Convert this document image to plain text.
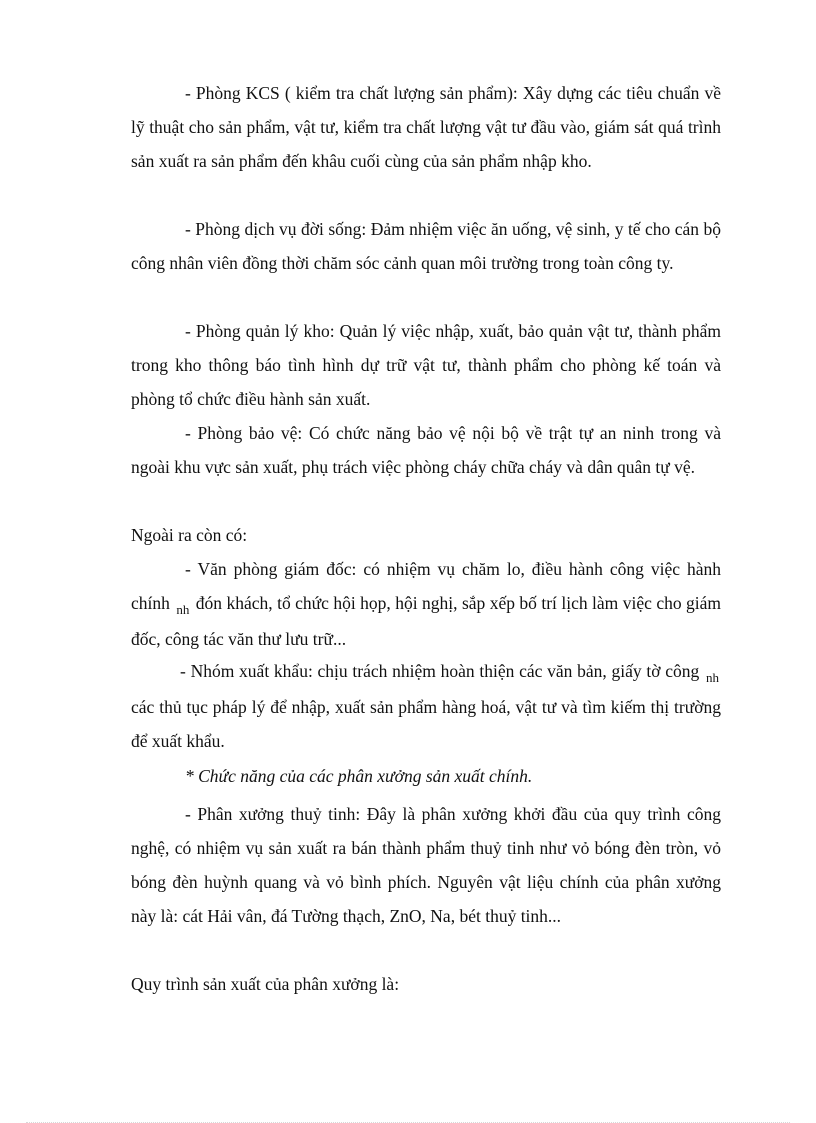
- Phòng KCS ( kiểm tra chất lượng sản phẩm): Xây dựng các tiêu chuẩn về lỹ thuật cho sản phẩm, vật tư, kiểm tra chất lượng vật tư đầu vào, giám sát quá trình sản xuất ra sản phẩm đến khâu cuối cùng của sản phẩm nhập kho.

- Phòng dịch vụ đời sống: Đảm nhiệm việc ăn uống, vệ sinh, y tế cho cán bộ công nhân viên đồng thời chăm sóc cảnh quan môi trường trong toàn công ty.

- Phòng quản lý kho: Quản lý việc nhập, xuất, bảo quản vật tư, thành phẩm trong kho thông báo tình hình dự trữ vật tư, thành phẩm cho phòng kế toán và phòng tổ chức điều hành sản xuất.

- Phòng bảo vệ: Có chức năng bảo vệ nội bộ về trật tự an ninh trong và ngoài khu vực sản xuất, phụ trách việc phòng cháy chữa cháy và dân quân tự vệ.

Ngoài ra còn có:

- Văn phòng giám đốc: có nhiệm vụ chăm lo, điều hành công việc hành chính $_{nh}$ đón khách, tổ chức hội họp, hội nghị, sắp xếp bố trí lịch làm việc cho giám đốc, công tác văn thư lưu trữ...

- Nhóm xuất khẩu: chịu trách nhiệm hoàn thiện các văn bản, giấy tờ công $_{nh}$ các thủ tục pháp lý để nhập, xuất sản phẩm hàng hoá, vật tư và tìm kiếm thị trường để xuất khẩu.

* Chức năng của các phân xưởng sản xuất chính.

- Phân xưởng thuỷ tinh: Đây là phân xưởng khởi đầu của quy trình công nghệ, có nhiệm vụ sản xuất ra bán thành phẩm thuỷ tinh như vỏ bóng đèn tròn, vỏ bóng đèn huỳnh quang và vỏ bình phích. Nguyên vật liệu chính của phân xưởng này là: cát Hải vân, đá Tường thạch, ZnO, Na, bét thuỷ tinh...

Quy trình sản xuất của phân xưởng là:
